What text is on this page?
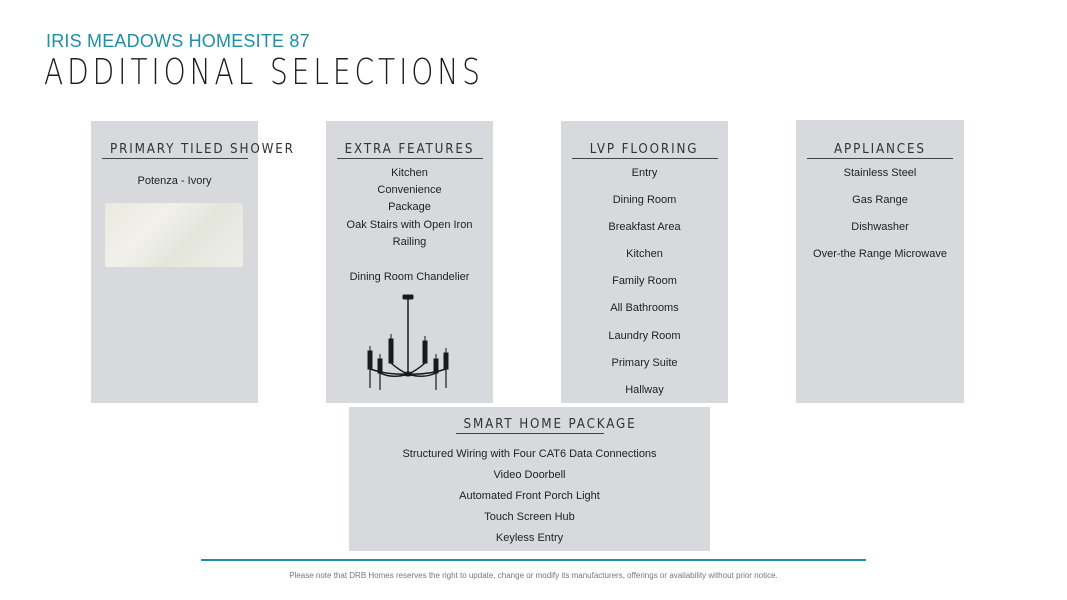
IRIS MEADOWS HOMESITE 87
ADDITIONAL SELECTIONS
PRIMARY TILED SHOWER
Potenza - Ivory
EXTRA FEATURES
Kitchen Convenience Package
Oak Stairs with Open Iron Railing
Dining Room Chandelier
LVP FLOORING
Entry
Dining Room
Breakfast Area
Kitchen
Family Room
All Bathrooms
Laundry Room
Primary Suite
Hallway
APPLIANCES
Stainless Steel
Gas Range
Dishwasher
Over-the Range Microwave
SMART HOME PACKAGE
Structured Wiring with Four CAT6 Data Connections
Video Doorbell
Automated Front Porch Light
Touch Screen Hub
Keyless Entry
Please note that DRB Homes reserves the right to update, change or modify its manufacturers, offerings or availability without prior notice.
